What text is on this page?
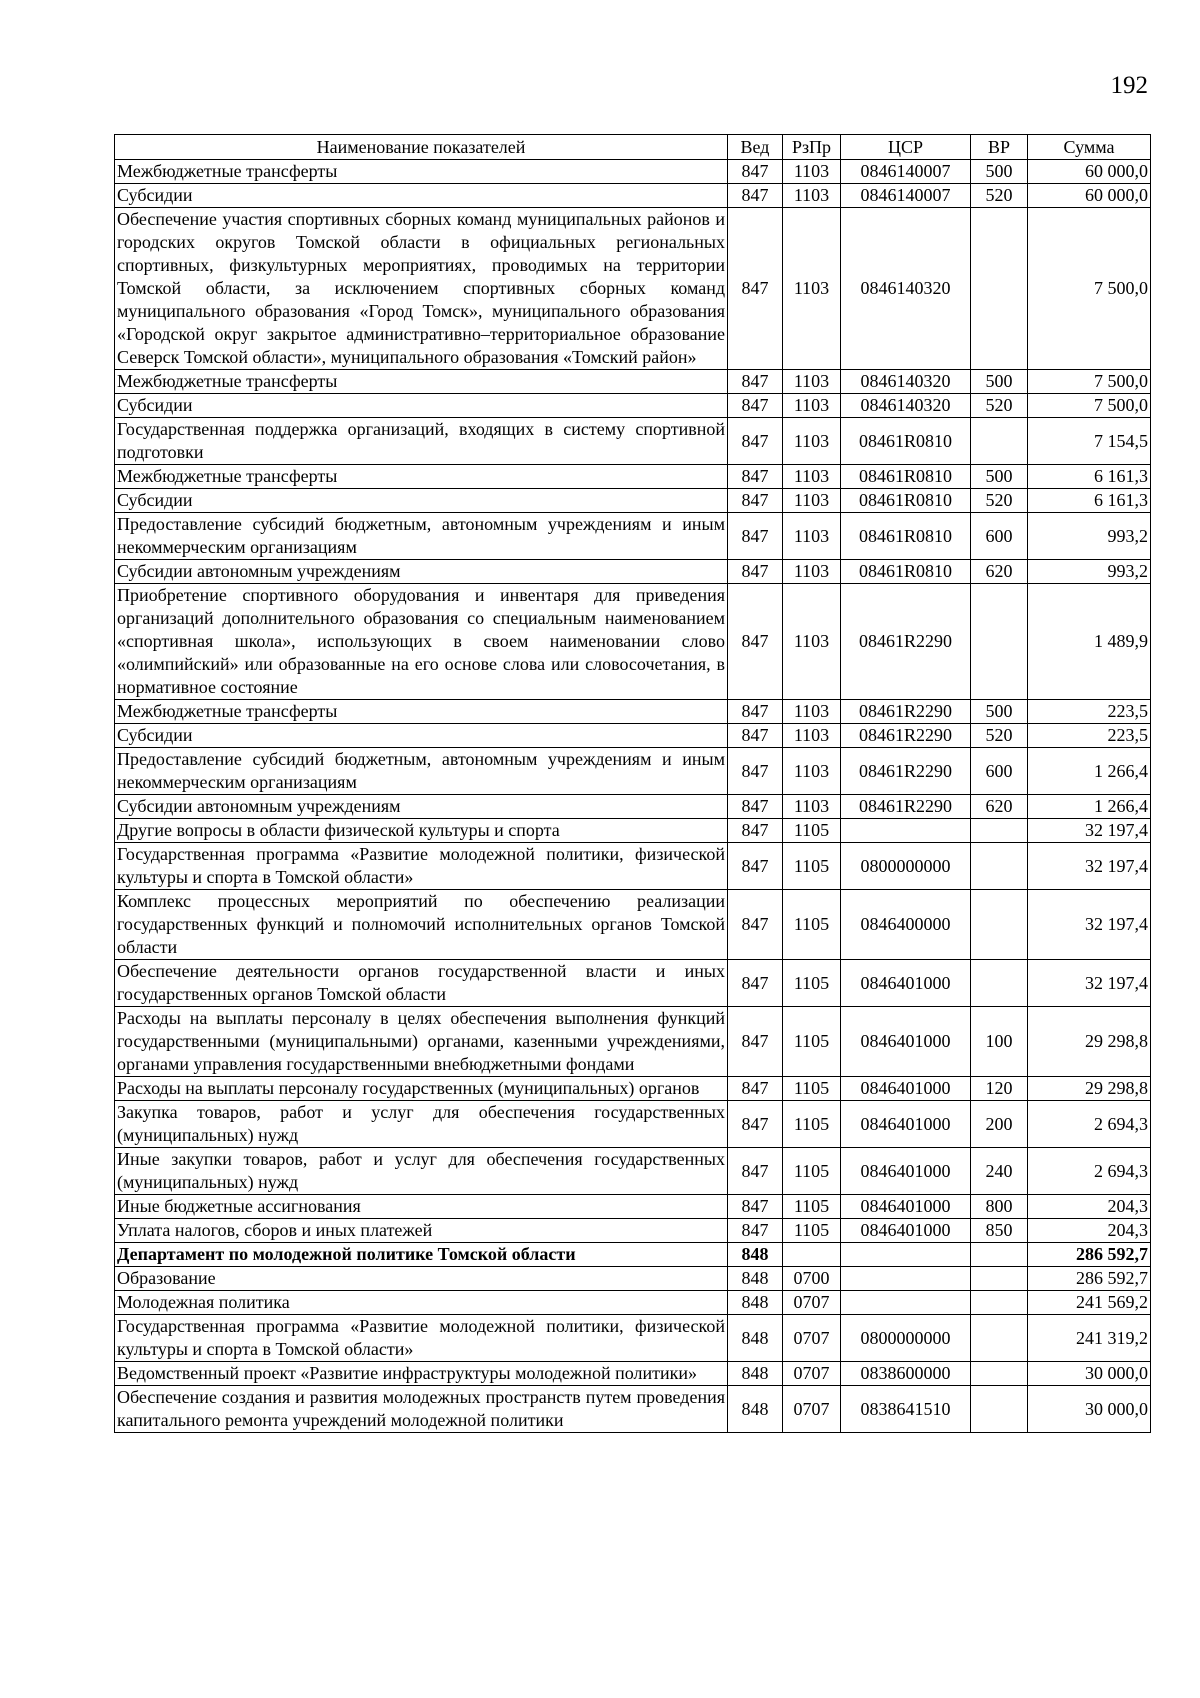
192
Наименование показателей	Вед	РзПр	ЦСР	ВР	Сумма
Межбюджетные трансферты	847	1103	0846140007	500	60 000,0
Субсидии	847	1103	0846140007	520	60 000,0
Обеспечение участия спортивных сборных команд муниципальных районов и городских округов Томской области в официальных региональных спортивных, физкультурных мероприятиях, проводимых на территории Томской области, за исключением спортивных сборных команд муниципального образования «Город Томск», муниципального образования «Городской округ закрытое административно–территориальное образование Северск Томской области», муниципального образования «Томский район»	847	1103	0846140320		7 500,0
Межбюджетные трансферты	847	1103	0846140320	500	7 500,0
Субсидии	847	1103	0846140320	520	7 500,0
Государственная поддержка организаций, входящих в систему спортивной подготовки	847	1103	08461R0810		7 154,5
Межбюджетные трансферты	847	1103	08461R0810	500	6 161,3
Субсидии	847	1103	08461R0810	520	6 161,3
Предоставление субсидий бюджетным, автономным учреждениям и иным некоммерческим организациям	847	1103	08461R0810	600	993,2
Субсидии автономным учреждениям	847	1103	08461R0810	620	993,2
Приобретение спортивного оборудования и инвентаря для приведения организаций дополнительного образования со специальным наименованием «спортивная школа», использующих в своем наименовании слово «олимпийский» или образованные на его основе слова или словосочетания, в нормативное состояние	847	1103	08461R2290		1 489,9
Межбюджетные трансферты	847	1103	08461R2290	500	223,5
Субсидии	847	1103	08461R2290	520	223,5
Предоставление субсидий бюджетным, автономным учреждениям и иным некоммерческим организациям	847	1103	08461R2290	600	1 266,4
Субсидии автономным учреждениям	847	1103	08461R2290	620	1 266,4
Другие вопросы в области физической культуры и спорта	847	1105			32 197,4
Государственная программа «Развитие молодежной политики, физической культуры и спорта в Томской области»	847	1105	0800000000		32 197,4
Комплекс процессных мероприятий по обеспечению реализации государственных функций и полномочий исполнительных органов Томской области	847	1105	0846400000		32 197,4
Обеспечение деятельности органов государственной власти и иных государственных органов Томской области	847	1105	0846401000		32 197,4
Расходы на выплаты персоналу в целях обеспечения выполнения функций государственными (муниципальными) органами, казенными учреждениями, органами управления государственными внебюджетными фондами	847	1105	0846401000	100	29 298,8
Расходы на выплаты персоналу государственных (муниципальных) органов	847	1105	0846401000	120	29 298,8
Закупка товаров, работ и услуг для обеспечения государственных (муниципальных) нужд	847	1105	0846401000	200	2 694,3
Иные закупки товаров, работ и услуг для обеспечения государственных (муниципальных) нужд	847	1105	0846401000	240	2 694,3
Иные бюджетные ассигнования	847	1105	0846401000	800	204,3
Уплата налогов, сборов и иных платежей	847	1105	0846401000	850	204,3
Департамент по молодежной политике Томской области	848				286 592,7
Образование	848	0700			286 592,7
Молодежная политика	848	0707			241 569,2
Государственная программа «Развитие молодежной политики, физической культуры и спорта в Томской области»	848	0707	0800000000		241 319,2
Ведомственный проект «Развитие инфраструктуры молодежной политики»	848	0707	0838600000		30 000,0
Обеспечение создания и развития молодежных пространств путем проведения капитального ремонта учреждений молодежной политики	848	0707	0838641510		30 000,0
